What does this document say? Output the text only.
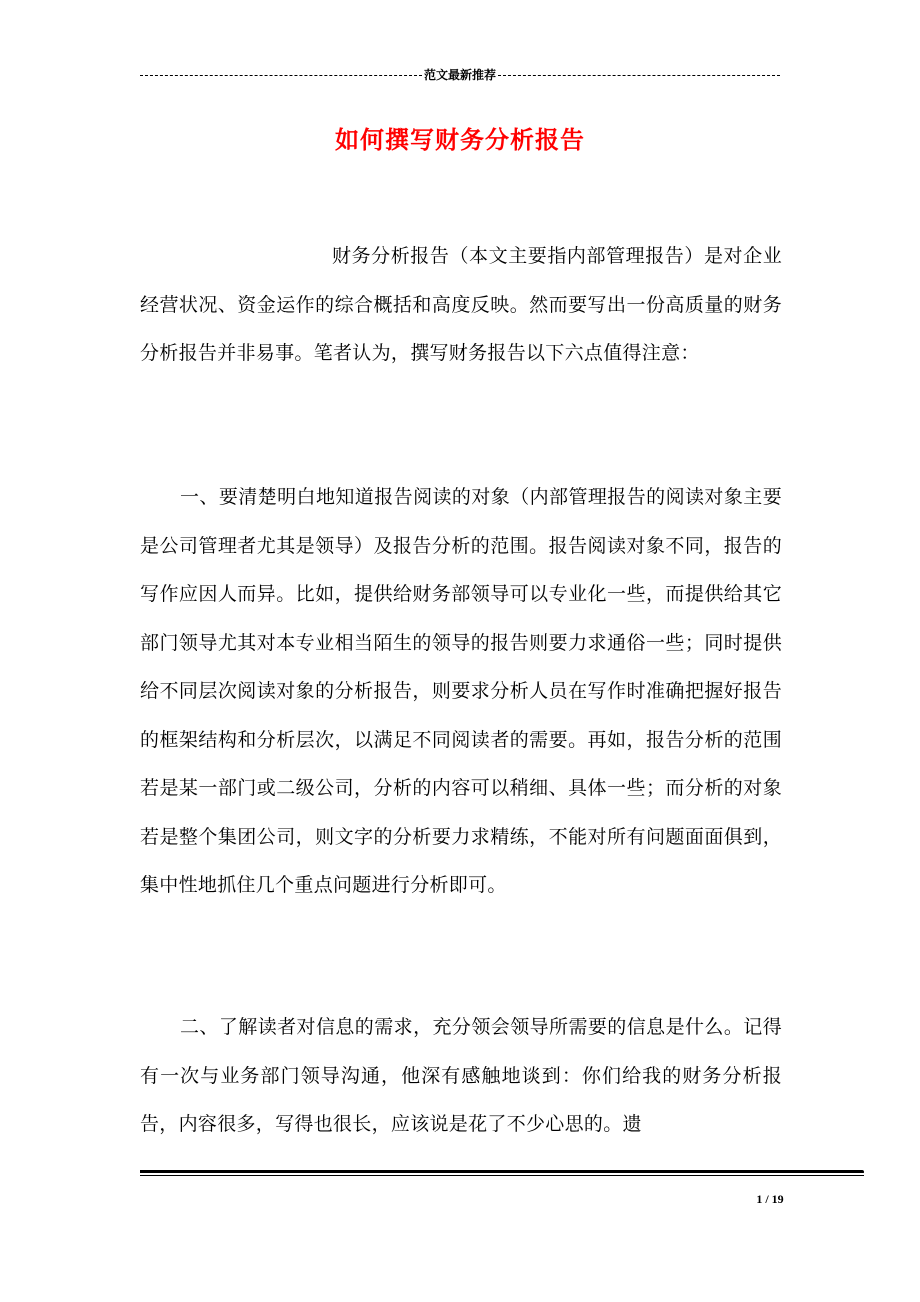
范文最新推荐
如何撰写财务分析报告

财务分析报告（本文主要指内部管理报告）是对企业经营状况、资金运作的综合概括和高度反映。然而要写出一份高质量的财务分析报告并非易事。笔者认为，撰写财务报告以下六点值得注意：

一、要清楚明白地知道报告阅读的对象（内部管理报告的阅读对象主要是公司管理者尤其是领导）及报告分析的范围。报告阅读对象不同，报告的写作应因人而异。比如，提供给财务部领导可以专业化一些，而提供给其它部门领导尤其对本专业相当陌生的领导的报告则要力求通俗一些；同时提供给不同层次阅读对象的分析报告，则要求分析人员在写作时准确把握好报告的框架结构和分析层次，以满足不同阅读者的需要。再如，报告分析的范围若是某一部门或二级公司，分析的内容可以稍细、具体一些；而分析的对象若是整个集团公司，则文字的分析要力求精练，不能对所有问题面面俱到，集中性地抓住几个重点问题进行分析即可。

二、了解读者对信息的需求，充分领会领导所需要的信息是什么。记得有一次与业务部门领导沟通，他深有感触地谈到：你们给我的财务分析报告，内容很多，写得也很长，应该说是花了不少心思的。遗

1 / 19
